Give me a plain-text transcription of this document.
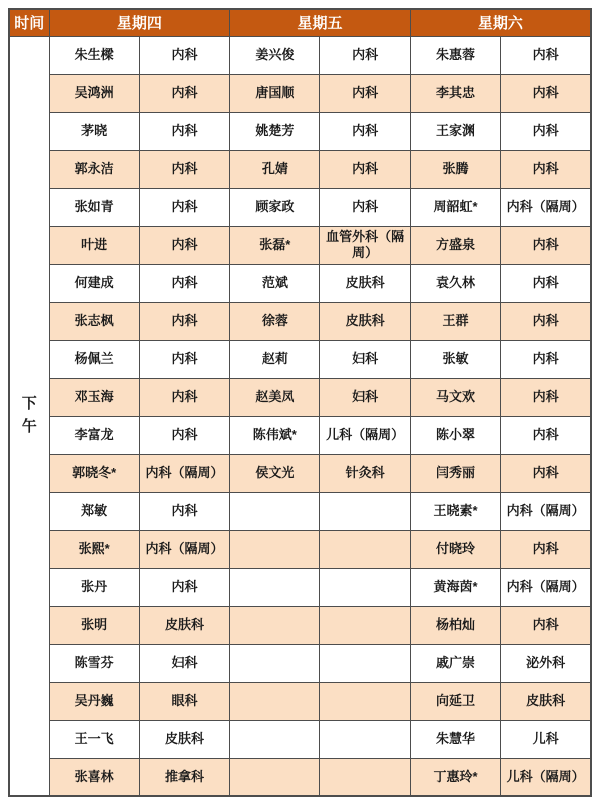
时间	星期四		星期五		星期六	

下午	朱生樑	内科	姜兴俊	内科	朱惠蓉	内科
	吴鸿洲	内科	唐国顺	内科	李其忠	内科
	茅晓	内科	姚楚芳	内科	王家渊	内科
	郭永洁	内科	孔婧	内科	张腾	内科
	张如青	内科	顾家政	内科	周韶虹*	内科（隔周）
	叶进	内科	张磊*	血管外科（隔周）	方盛泉	内科
	何建成	内科	范斌	皮肤科	袁久林	内科
	张志枫	内科	徐蓉	皮肤科	王群	内科
	杨佩兰	内科	赵莉	妇科	张敏	内科
	邓玉海	内科	赵美凤	妇科	马文欢	内科
	李富龙	内科	陈伟斌*	儿科（隔周）	陈小翠	内科
	郭晓冬*	内科（隔周）	侯文光	针灸科	闫秀丽	内科
	郑敏	内科			王晓素*	内科（隔周）
	张熙*	内科（隔周）			付晓玲	内科
	张丹	内科			黄海茵*	内科（隔周）
	张明	皮肤科			杨柏灿	内科
	陈雪芬	妇科			戚广崇	泌外科
	吴丹巍	眼科			向延卫	皮肤科
	王一飞	皮肤科			朱慧华	儿科
	张喜林	推拿科			丁惠玲*	儿科（隔周）
